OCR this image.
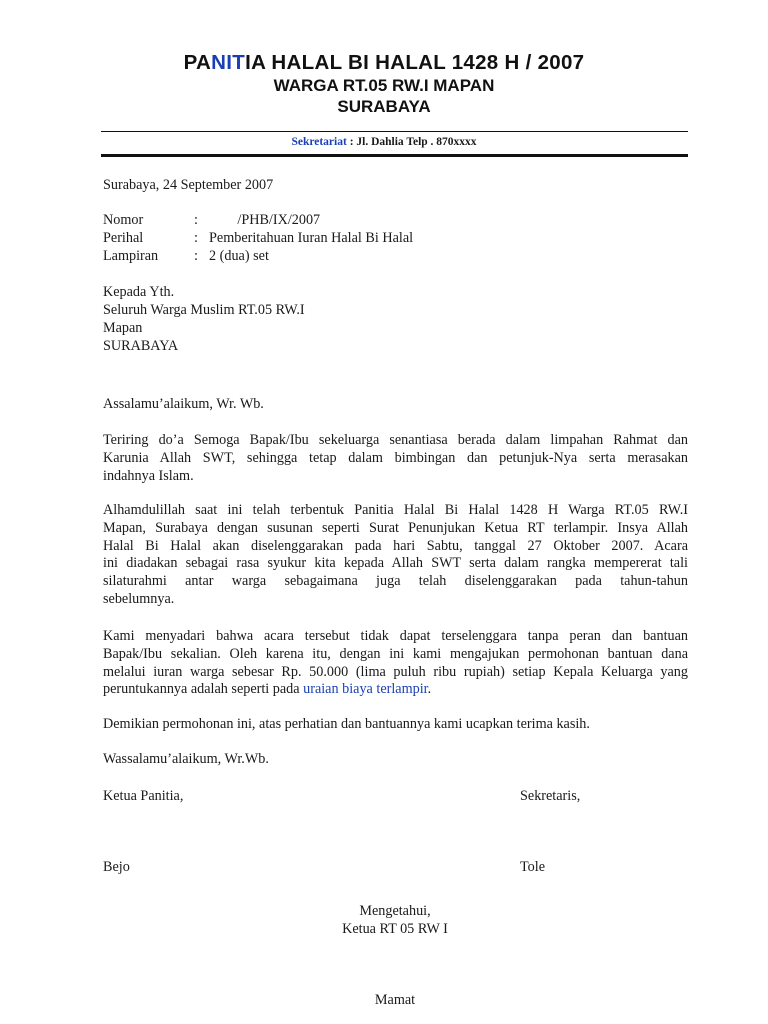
PANITIA HALAL BI HALAL 1428 H / 2007
WARGA RT.05 RW.I MAPAN
SURABAYA
Sekretariat : Jl. Dahlia Telp . 870xxxx
Surabaya, 24 September 2007
Nomor	: /PHB/IX/2007
Perihal	: Pemberitahuan Iuran Halal Bi Halal
Lampiran	: 2 (dua) set
Kepada Yth.
Seluruh Warga Muslim RT.05 RW.I
Mapan
SURABAYA
Assalamu’alaikum, Wr. Wb.
Teriring do’a Semoga Bapak/Ibu sekeluarga senantiasa berada dalam limpahan Rahmat dan
Karunia Allah SWT, sehingga tetap dalam bimbingan dan petunjuk-Nya serta merasakan
indahnya Islam.
Alhamdulillah saat ini telah terbentuk Panitia Halal Bi Halal 1428 H Warga RT.05 RW.I
Mapan, Surabaya dengan susunan seperti Surat Penunjukan Ketua RT terlampir. Insya Allah
Halal Bi Halal akan diselenggarakan pada hari Sabtu, tanggal 27 Oktober 2007. Acara
ini diadakan sebagai rasa syukur kita kepada Allah SWT serta dalam rangka mempererat tali
silaturahmi antar warga sebagaimana juga telah diselenggarakan pada tahun-tahun
sebelumnya.
Kami menyadari bahwa acara tersebut tidak dapat terselenggara tanpa peran dan bantuan
Bapak/Ibu sekalian. Oleh karena itu, dengan ini kami mengajukan permohonan bantuan dana
melalui iuran warga sebesar Rp. 50.000 (lima puluh ribu rupiah) setiap Kepala Keluarga yang
peruntukannya adalah seperti pada uraian biaya terlampir.
Demikian permohonan ini, atas perhatian dan bantuannya kami ucapkan terima kasih.
Wassalamu’alaikum, Wr.Wb.
Ketua Panitia,	Sekretaris,
Bejo	Tole
Mengetahui,
Ketua RT 05 RW I
Mamat
